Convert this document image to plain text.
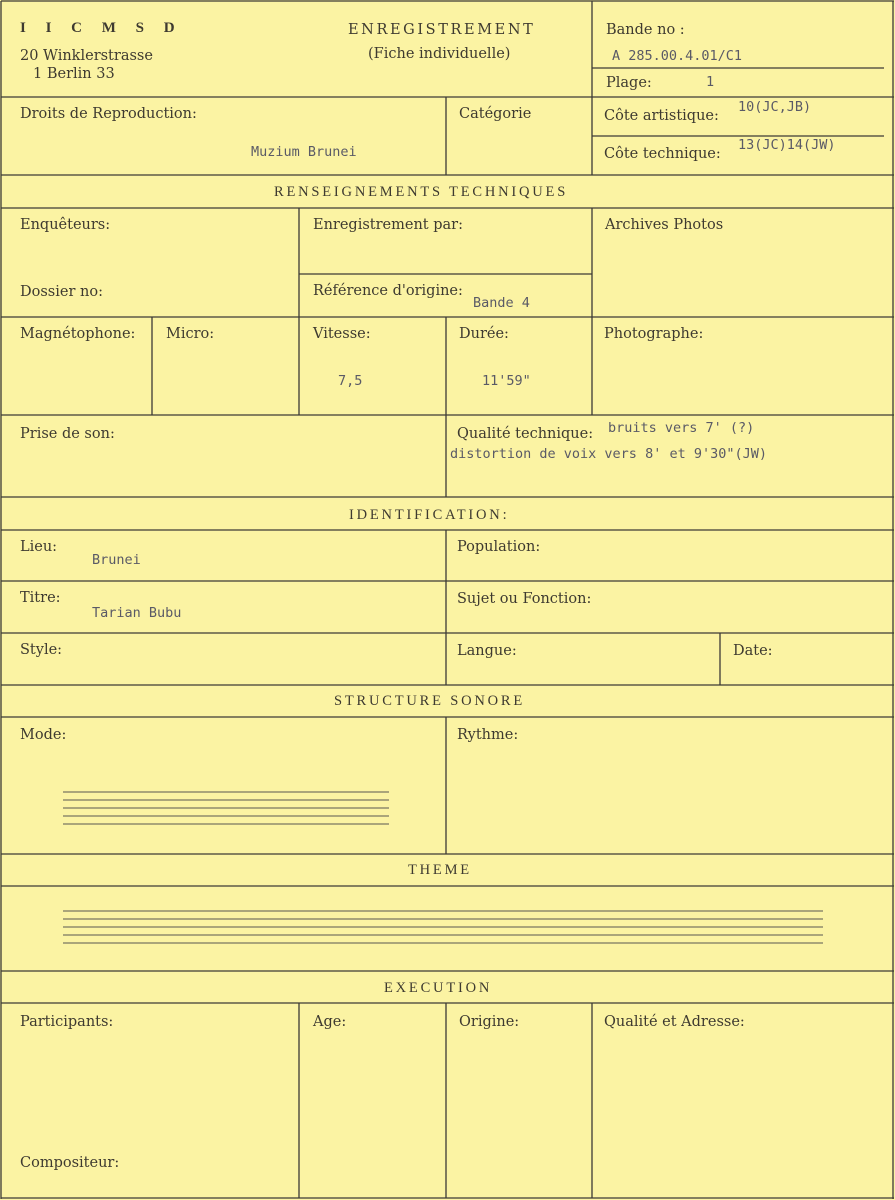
I I C M S D
20 Winklerstrasse
1 Berlin 33
ENREGISTREMENT
(Fiche individuelle)
Bande no :
A 285.00.4.01/C1
Plage:	1
Droits de Reproduction:
Muzium Brunei
Catégorie	Côte artistique:
10(JC,JB)
Côte technique:
13(JC)14(JW)
RENSEIGNEMENTS TECHNIQUES
Enquêteurs:	Enregistrement par:	Archives Photos
Dossier no:	Référence d'origine:
Bande 4
Magnétophone: Micro:	Vitesse:
7,5
Durée:
11'59"
Photographe:
Prise de son:	Qualité technique: bruits vers 7' (?)
distortion de voix vers 8' et 9'30"(JW)
IDENTIFICATION:
Lieu:
Brunei
Population:
Titre:
Tarian Bubu
Sujet ou Fonction:
Style:	Langue:	Date:
STRUCTURE SONORE
Mode:	Rythme:
THEME
EXECUTION
Participants:	Age:	Origine:	Qualité et Adresse:
Compositeur:
